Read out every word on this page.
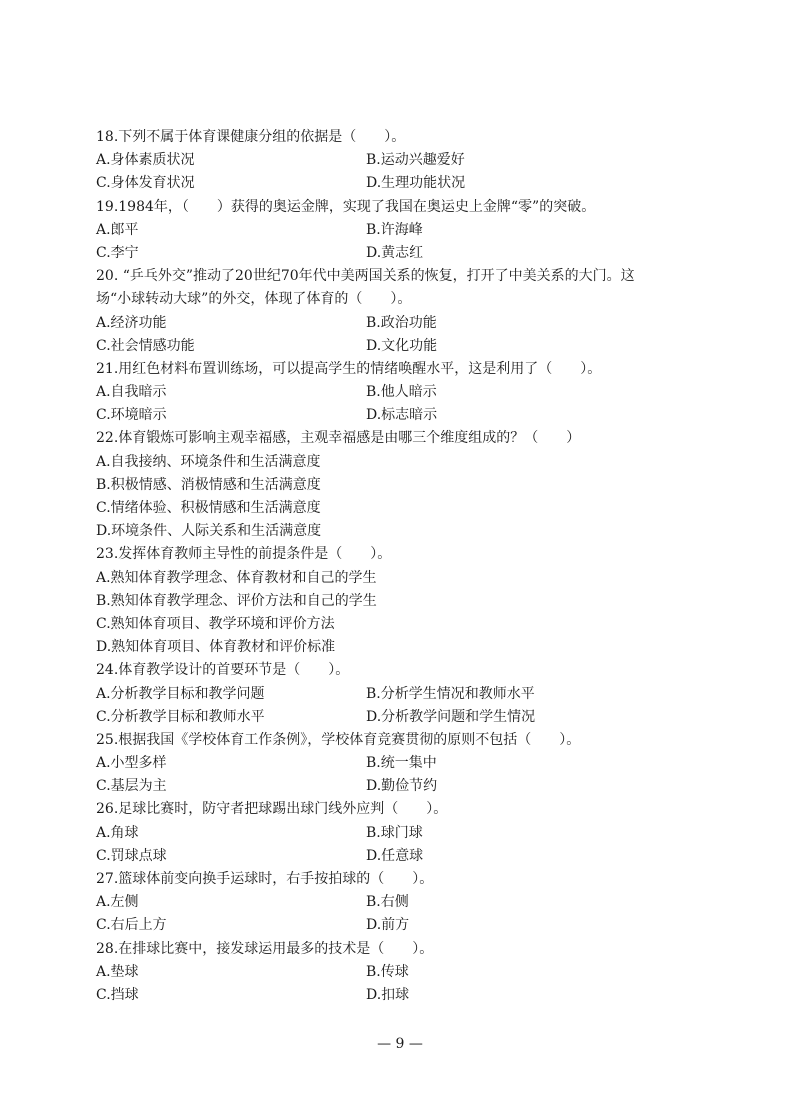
18.下列不属于体育课健康分组的依据是（　　）。
A.身体素质状况	B.运动兴趣爱好
C.身体发育状况	D.生理功能状况
19.1984年，（　　）获得的奥运金牌，实现了我国在奥运史上金牌“零”的突破。
A.郎平	B.许海峰
C.李宁	D.黄志红
20. “乒乓外交”推动了20世纪70年代中美两国关系的恢复，打开了中美关系的大门。这
场“小球转动大球”的外交，体现了体育的（　　）。
A.经济功能	B.政治功能
C.社会情感功能	D.文化功能
21.用红色材料布置训练场，可以提高学生的情绪唤醒水平，这是利用了（　　）。
A.自我暗示	B.他人暗示
C.环境暗示	D.标志暗示
22.体育锻炼可影响主观幸福感，主观幸福感是由哪三个维度组成的？（　　）
A.自我接纳、环境条件和生活满意度
B.积极情感、消极情感和生活满意度
C.情绪体验、积极情感和生活满意度
D.环境条件、人际关系和生活满意度
23.发挥体育教师主导性的前提条件是（　　）。
A.熟知体育教学理念、体育教材和自己的学生
B.熟知体育教学理念、评价方法和自己的学生
C.熟知体育项目、教学环境和评价方法
D.熟知体育项目、体育教材和评价标准
24.体育教学设计的首要环节是（　　）。
A.分析教学目标和教学问题	B.分析学生情况和教师水平
C.分析教学目标和教师水平	D.分析教学问题和学生情况
25.根据我国《学校体育工作条例》，学校体育竞赛贯彻的原则不包括（　　）。
A.小型多样	B.统一集中
C.基层为主	D.勤俭节约
26.足球比赛时，防守者把球踢出球门线外应判（　　）。
A.角球	B.球门球
C.罚球点球	D.任意球
27.篮球体前变向换手运球时，右手按拍球的（　　）。
A.左侧	B.右侧
C.右后上方	D.前方
28.在排球比赛中，接发球运用最多的技术是（　　）。
A.垫球	B.传球
C.挡球	D.扣球
— 9 —
